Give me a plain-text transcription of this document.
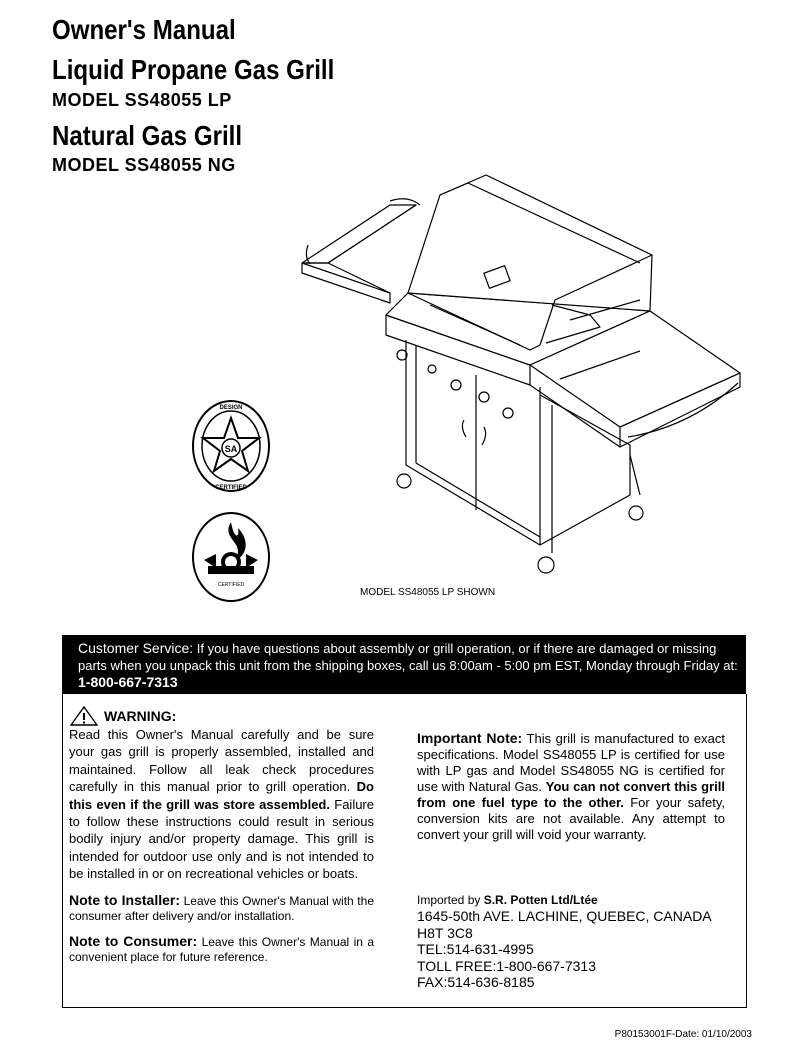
Owner's Manual
Liquid Propane Gas Grill
MODEL SS48055 LP
Natural Gas Grill
MODEL SS48055 NG
SA
DESIGN
CERTIFIED
CERTIFIED
MODEL SS48055 LP SHOWN
Customer Service: If you have questions about assembly or grill operation, or if there are damaged or missing parts when you unpack this unit from the shipping boxes, call us 8:00am - 5:00 pm EST, Monday through Friday at: 1-800-667-7313
WARNING:

Read this Owner's Manual carefully and be sure your gas grill is properly assembled, installed and maintained. Follow all leak check procedures carefully in this manual prior to grill operation. Do this even if the grill was store assembled. Failure to follow these instructions could result in serious bodily injury and/or property damage. This grill is intended for outdoor use only and is not intended to be installed in or on recreational vehicles or boats.

Note to Installer: Leave this Owner's Manual with the consumer after delivery and/or installation.

Note to Consumer: Leave this Owner's Manual in a convenient place for future reference.

Important Note: This grill is manufactured to exact specifications. Model SS48055 LP is certified for use with LP gas and Model SS48055 NG is certified for use with Natural Gas. You can not convert this grill from one fuel type to the other. For your safety, conversion kits are not available. Any attempt to convert your grill will void your warranty.

Imported by S.R. Potten Ltd/Ltée
1645-50th AVE. LACHINE, QUEBEC, CANADA
H8T 3C8
TEL:514-631-4995
TOLL FREE:1-800-667-7313
FAX:514-636-8185
P80153001F-Date: 01/10/2003
